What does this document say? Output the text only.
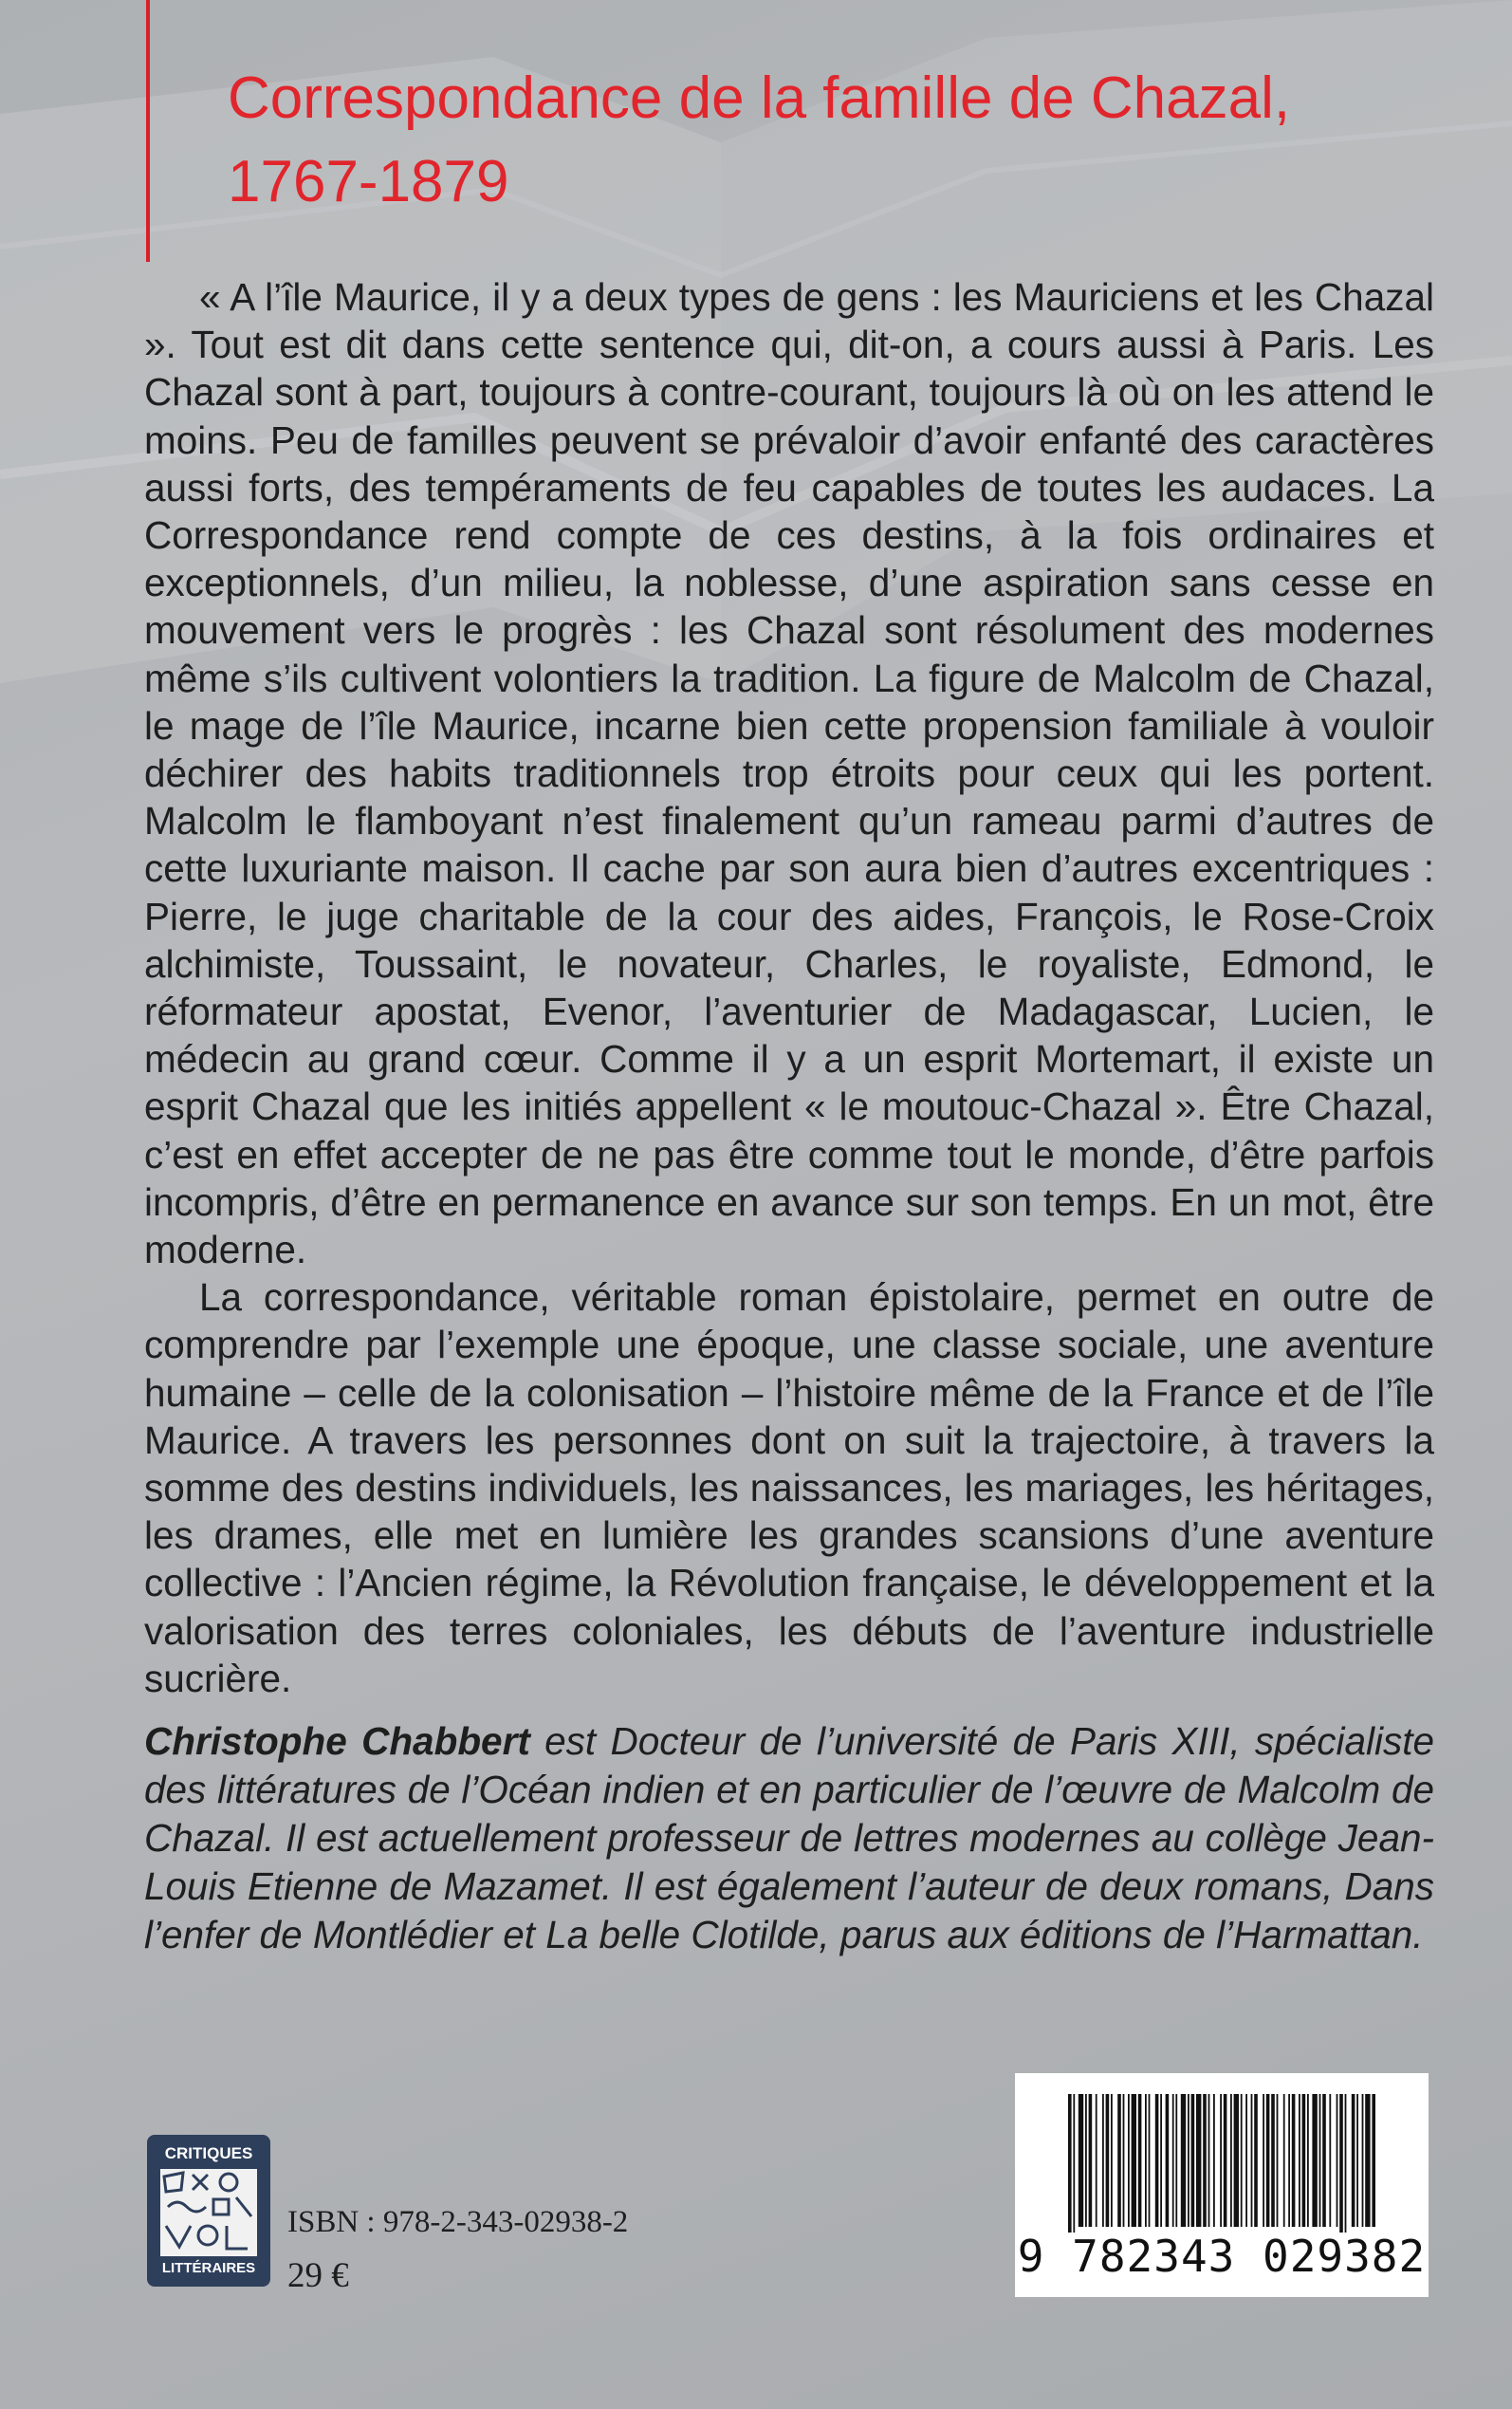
Correspondance de la famille de Chazal,
1767-1879

« A l’île Maurice, il y a deux types de gens : les Mauriciens et les Chazal ». Tout est dit dans cette sentence qui, dit-on, a cours aussi à Paris. Les Chazal sont à part, toujours à contre-courant, toujours là où on les attend le moins. Peu de familles peuvent se prévaloir d’avoir enfanté des caractères aussi forts, des tempéraments de feu capables de toutes les audaces. La Correspondance rend compte de ces destins, à la fois ordinaires et exceptionnels, d’un milieu, la noblesse, d’une aspiration sans cesse en mouvement vers le progrès : les Chazal sont résolument des modernes même s’ils cultivent volontiers la tradition. La figure de Malcolm de Chazal, le mage de l’île Maurice, incarne bien cette propension familiale à vouloir déchirer des habits traditionnels trop étroits pour ceux qui les portent. Malcolm le flamboyant n’est finalement qu’un rameau parmi d’autres de cette luxuriante maison. Il cache par son aura bien d’autres excentriques : Pierre, le juge charitable de la cour des aides, François, le Rose-Croix alchimiste, Toussaint, le novateur, Charles, le royaliste, Edmond, le réformateur apostat, Evenor, l’aventurier de Madagascar, Lucien, le médecin au grand cœur. Comme il y a un esprit Mortemart, il existe un esprit Chazal que les initiés appellent « le moutouc-Chazal ». Être Chazal, c’est en effet accepter de ne pas être comme tout le monde, d’être parfois incompris, d’être en permanence en avance sur son temps. En un mot, être moderne.

La correspondance, véritable roman épistolaire, permet en outre de comprendre par l’exemple une époque, une classe sociale, une aventure humaine – celle de la colonisation – l’histoire même de la France et de l’île Maurice. A travers les personnes dont on suit la trajectoire, à travers la somme des destins individuels, les naissances, les mariages, les héritages, les drames, elle met en lumière les grandes scansions d’une aventure collective : l’Ancien régime, la Révolution française, le développement et la valorisation des terres coloniales, les débuts de l’aventure industrielle sucrière.

Christophe Chabbert est Docteur de l’université de Paris XIII, spécialiste des littératures de l’Océan indien et en particulier de l’œuvre de Malcolm de Chazal. Il est actuellement professeur de lettres modernes au collège Jean-Louis Etienne de Mazamet. Il est également l’auteur de deux romans, Dans l’enfer de Montlédier et La belle Clotilde, parus aux éditions de l’Harmattan.
CRITIQUES
LITTÉRAIRES
ISBN : 978-2-343-02938-2
29 €	9 782343 029382
